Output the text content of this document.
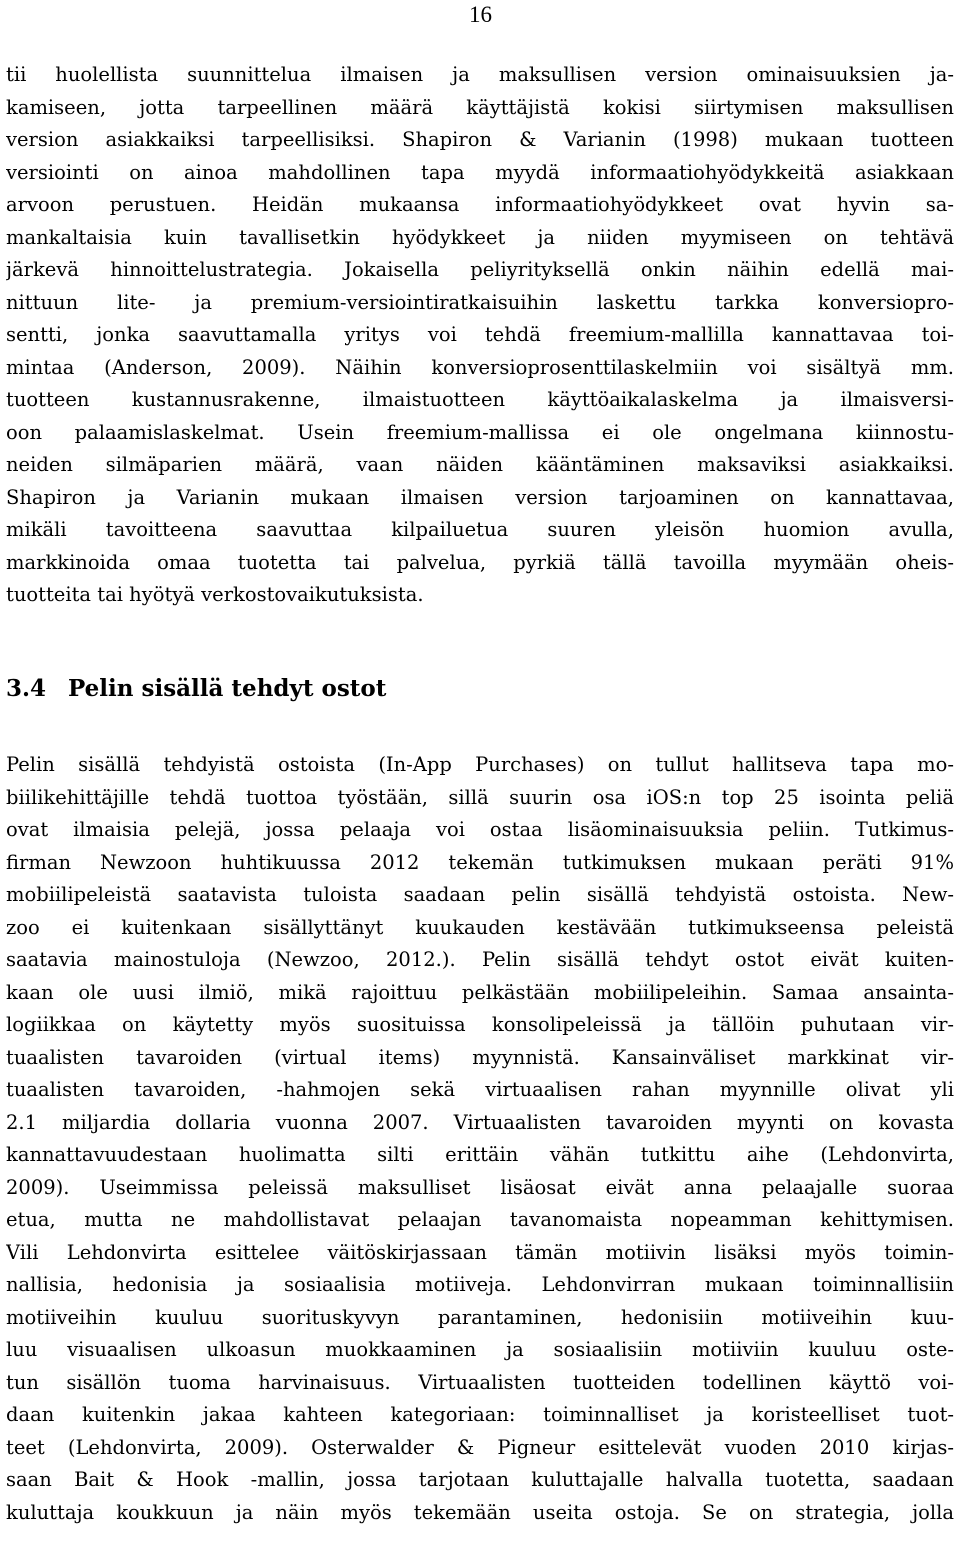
16
tii huolellista suunnittelua ilmaisen ja maksullisen version ominaisuuksien ja-
kamiseen, jotta tarpeellinen määrä käyttäjistä kokisi siirtymisen maksullisen
version asiakkaiksi tarpeellisiksi. Shapiron & Varianin (1998) mukaan tuotteen
versiointi on ainoa mahdollinen tapa myydä informaatiohyödykkeitä asiakkaan
arvoon perustuen. Heidän mukaansa informaatiohyödykkeet ovat hyvin sa-
mankaltaisia kuin tavallisetkin hyödykkeet ja niiden myymiseen on tehtävä
järkevä hinnoittelustrategia. Jokaisella peliyrityksellä onkin näihin edellä mai-
nittuun lite- ja premium-versiointiratkaisuihin laskettu tarkka konversiopro-
sentti, jonka saavuttamalla yritys voi tehdä freemium-mallilla kannattavaa toi-
mintaa (Anderson, 2009). Näihin konversioprosenttilaskelmiin voi sisältyä mm.
tuotteen kustannusrakenne, ilmaistuotteen käyttöaikalaskelma ja ilmaisversi-
oon palaamislaskelmat. Usein freemium-mallissa ei ole ongelmana kiinnostu-
neiden silmäparien määrä, vaan näiden kääntäminen maksaviksi asiakkaiksi.
Shapiron ja Varianin mukaan ilmaisen version tarjoaminen on kannattavaa,
mikäli tavoitteena saavuttaa kilpailuetua suuren yleisön huomion avulla,
markkinoida omaa tuotetta tai palvelua, pyrkiä tällä tavoilla myymään oheis-
tuotteita tai hyötyä verkostovaikutuksista.
3.4 Pelin sisällä tehdyt ostot
Pelin sisällä tehdyistä ostoista (In-App Purchases) on tullut hallitseva tapa mo-
biilikehittäjille tehdä tuottoa työstään, sillä suurin osa iOS:n top 25 isointa peliä
ovat ilmaisia pelejä, jossa pelaaja voi ostaa lisäominaisuuksia peliin. Tutkimus-
firman Newzoon huhtikuussa 2012 tekemän tutkimuksen mukaan peräti 91%
mobiilipeleistä saatavista tuloista saadaan pelin sisällä tehdyistä ostoista. New-
zoo ei kuitenkaan sisällyttänyt kuukauden kestävään tutkimukseensa peleistä
saatavia mainostuloja (Newzoo, 2012.). Pelin sisällä tehdyt ostot eivät kuiten-
kaan ole uusi ilmiö, mikä rajoittuu pelkästään mobiilipeleihin. Samaa ansainta-
logiikkaa on käytetty myös suosituissa konsolipeleissä ja tällöin puhutaan vir-
tuaalisten tavaroiden (virtual items) myynnistä. Kansainväliset markkinat vir-
tuaalisten tavaroiden, -hahmojen sekä virtuaalisen rahan myynnille olivat yli
2.1 miljardia dollaria vuonna 2007. Virtuaalisten tavaroiden myynti on kovasta
kannattavuudestaan huolimatta silti erittäin vähän tutkittu aihe (Lehdonvirta,
2009). Useimmissa peleissä maksulliset lisäosat eivät anna pelaajalle suoraa
etua, mutta ne mahdollistavat pelaajan tavanomaista nopeamman kehittymisen.
Vili Lehdonvirta esittelee väitöskirjassaan tämän motiivin lisäksi myös toimin-
nallisia, hedonisia ja sosiaalisia motiiveja. Lehdonvirran mukaan toiminnallisiin
motiiveihin kuuluu suorituskyvyn parantaminen, hedonisiin motiiveihin kuu-
luu visuaalisen ulkoasun muokkaaminen ja sosiaalisiin motiiviin kuuluu oste-
tun sisällön tuoma harvinaisuus. Virtuaalisten tuotteiden todellinen käyttö voi-
daan kuitenkin jakaa kahteen kategoriaan: toiminnalliset ja koristeelliset tuot-
teet (Lehdonvirta, 2009). Osterwalder & Pigneur esittelevät vuoden 2010 kirjas-
saan Bait & Hook -mallin, jossa tarjotaan kuluttajalle halvalla tuotetta, saadaan
kuluttaja koukkuun ja näin myös tekemään useita ostoja. Se on strategia, jolla
